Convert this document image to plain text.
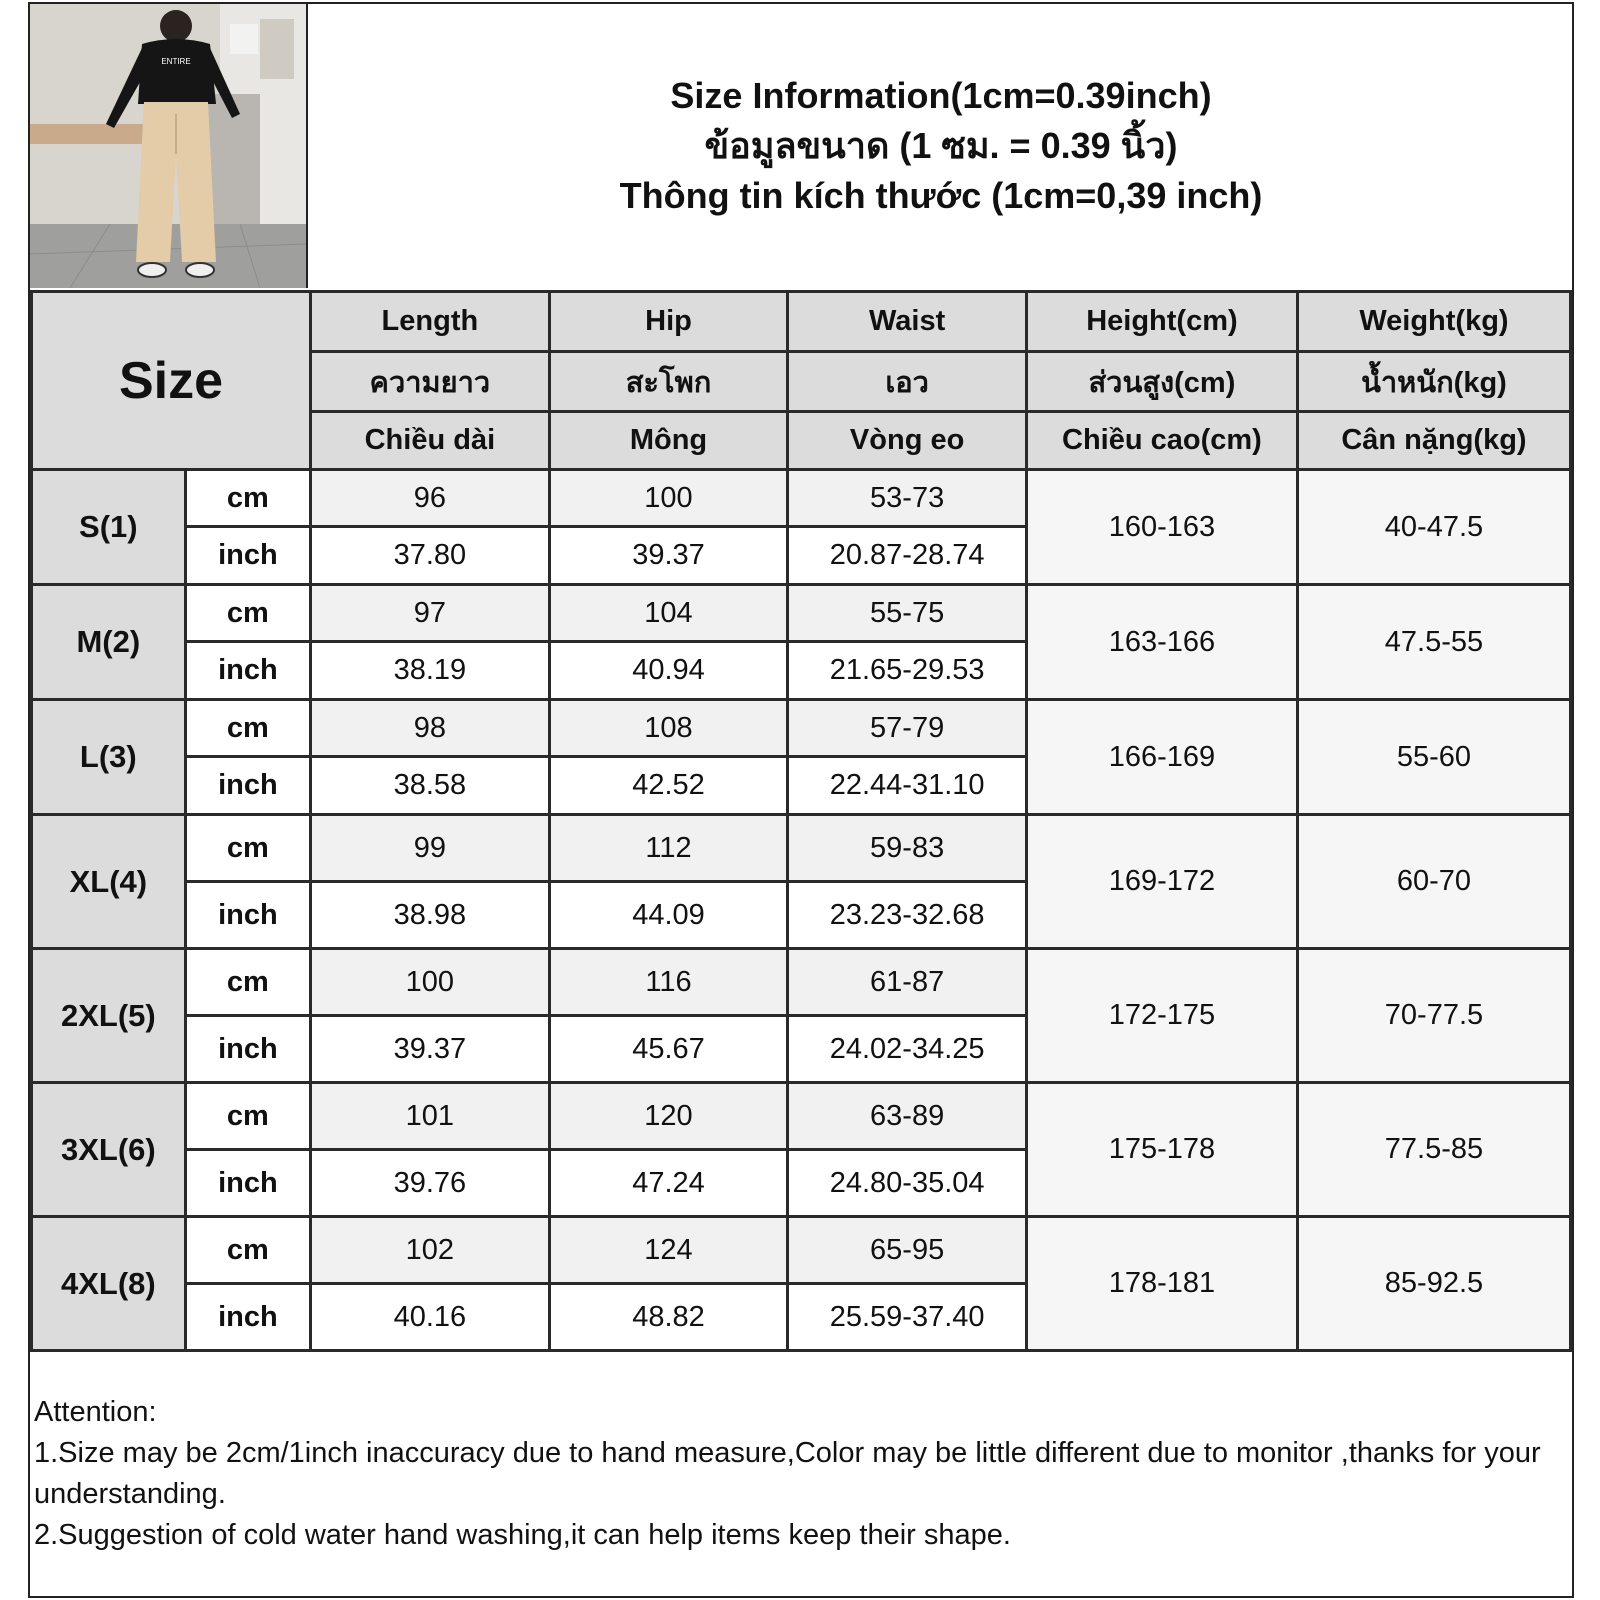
ENTIRE
Size Information(1cm=0.39inch)
ข้อมูลขนาด (1 ซม. = 0.39 นิ้ว)
Thông tin kích thước (1cm=0,39 inch)
Size		Length	Hip	Waist	Height(cm)	Weight(kg)
		ความยาว	สะโพก	เอว	ส่วนสูง(cm)	น้ำหนัก(kg)
		Chiều dài	Mông	Vòng eo	Chiều cao(cm)	Cân nặng(kg)
S(1)	cm	96	100	53-73	160-163	40-47.5
	inch	37.80	39.37	20.87-28.74		
M(2)	cm	97	104	55-75	163-166	47.5-55
	inch	38.19	40.94	21.65-29.53		
L(3)	cm	98	108	57-79	166-169	55-60
	inch	38.58	42.52	22.44-31.10		
XL(4)	cm	99	112	59-83	169-172	60-70
	inch	38.98	44.09	23.23-32.68		
2XL(5)	cm	100	116	61-87	172-175	70-77.5
	inch	39.37	45.67	24.02-34.25		
3XL(6)	cm	101	120	63-89	175-178	77.5-85
	inch	39.76	47.24	24.80-35.04		
4XL(8)	cm	102	124	65-95	178-181	85-92.5
	inch	40.16	48.82	25.59-37.40		
Attention:
1.Size may be 2cm/1inch inaccuracy due to hand measure,Color may be little different due to monitor ,thanks for your understanding.
2.Suggestion of cold water hand washing,it can help items keep their shape.
